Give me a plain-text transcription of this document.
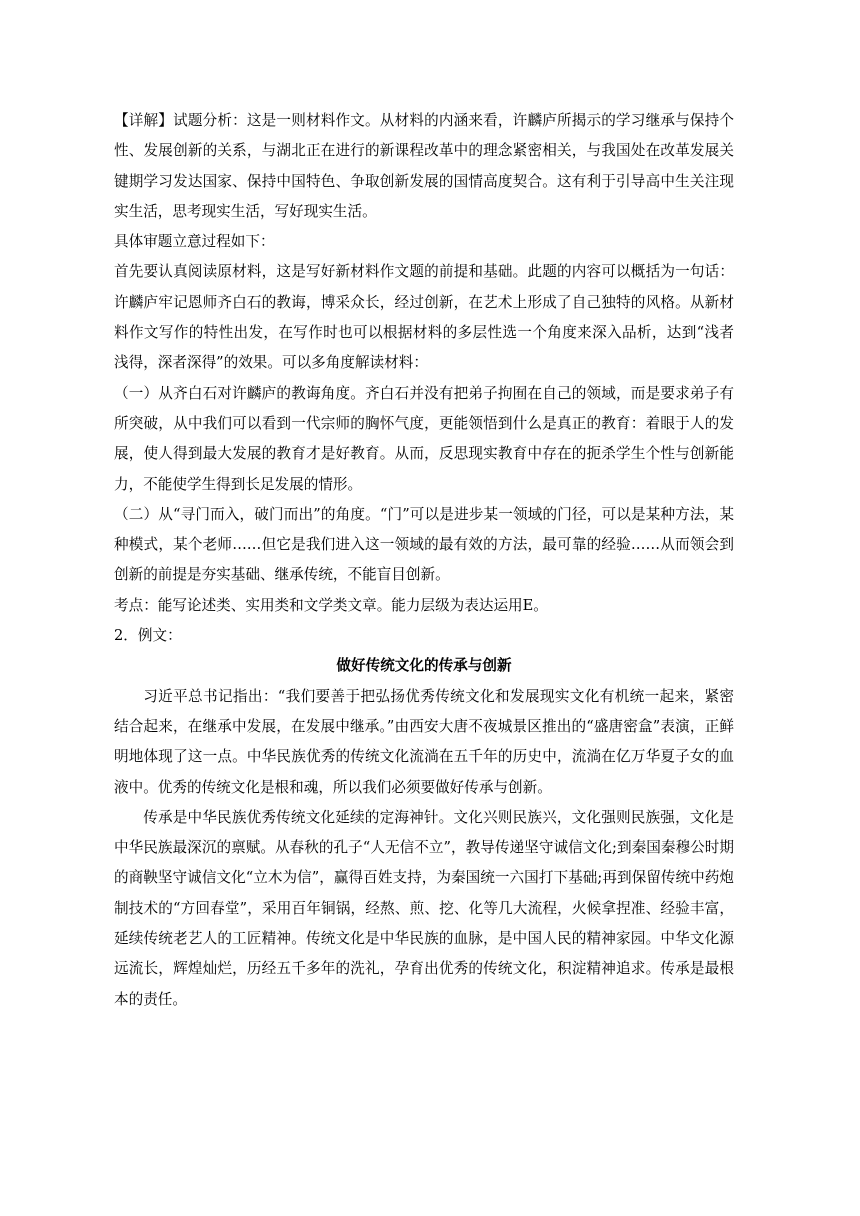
【详解】试题分析：这是一则材料作文。从材料的内涵来看，许麟庐所揭示的学习继承与保持个性、发展创新的关系，与湖北正在进行的新课程改革中的理念紧密相关，与我国处在改革发展关键期学习发达国家、保持中国特色、争取创新发展的国情高度契合。这有利于引导高中生关注现实生活，思考现实生活，写好现实生活。

具体审题立意过程如下：

首先要认真阅读原材料，这是写好新材料作文题的前提和基础。此题的内容可以概括为一句话：许麟庐牢记恩师齐白石的教诲，博采众长，经过创新，在艺术上形成了自己独特的风格。从新材料作文写作的特性出发，在写作时也可以根据材料的多层性选一个角度来深入品析，达到“浅者浅得，深者深得”的效果。可以多角度解读材料：

（一）从齐白石对许麟庐的教诲角度。齐白石并没有把弟子拘囿在自己的领域，而是要求弟子有所突破，从中我们可以看到一代宗师的胸怀气度，更能领悟到什么是真正的教育：着眼于人的发展，使人得到最大发展的教育才是好教育。从而，反思现实教育中存在的扼杀学生个性与创新能力，不能使学生得到长足发展的情形。

（二）从“寻门而入，破门而出”的角度。“门”可以是进步某一领域的门径，可以是某种方法，某种模式，某个老师……但它是我们进入这一领域的最有效的方法，最可靠的经验……从而领会到创新的前提是夯实基础、继承传统，不能盲目创新。

考点：能写论述类、实用类和文学类文章。能力层级为表达运用E。

2．例文：

做好传统文化的传承与创新

习近平总书记指出：“我们要善于把弘扬优秀传统文化和发展现实文化有机统一起来，紧密结合起来，在继承中发展，在发展中继承。”由西安大唐不夜城景区推出的“盛唐密盒”表演，正鲜明地体现了这一点。中华民族优秀的传统文化流淌在五千年的历史中，流淌在亿万华夏子女的血液中。优秀的传统文化是根和魂，所以我们必须要做好传承与创新。

传承是中华民族优秀传统文化延续的定海神针。文化兴则民族兴，文化强则民族强，文化是中华民族最深沉的禀赋。从春秋的孔子“人无信不立”，教导传递坚守诚信文化;到秦国秦穆公时期的商鞅坚守诚信文化“立木为信”，赢得百姓支持，为秦国统一六国打下基础;再到保留传统中药炮制技术的“方回春堂”，采用百年铜锅，经熬、煎、挖、化等几大流程，火候拿捏准、经验丰富，延续传统老艺人的工匠精神。传统文化是中华民族的血脉，是中国人民的精神家园。中华文化源远流长，辉煌灿烂，历经五千多年的洗礼，孕育出优秀的传统文化，积淀精神追求。传承是最根本的责任。
